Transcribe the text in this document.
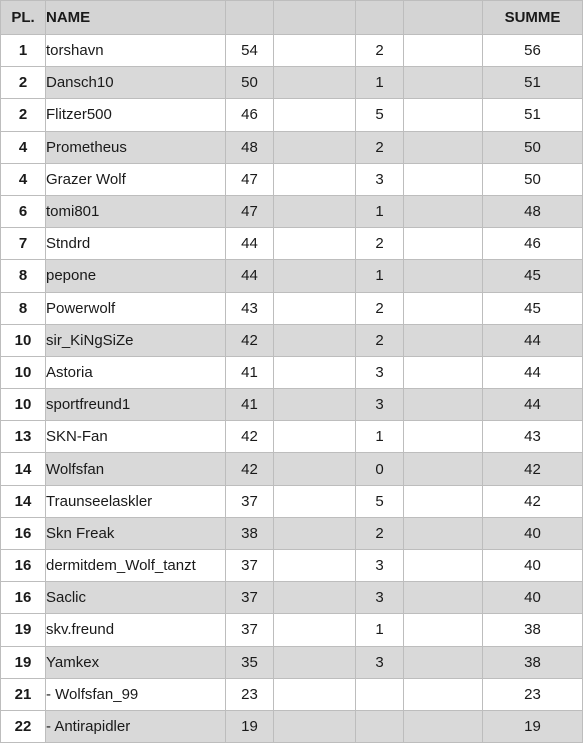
PL.	NAME					SUMME
1	torshavn	54		2		56
2	Dansch10	50		1		51
2	Flitzer500	46		5		51
4	Prometheus	48		2		50
4	Grazer Wolf	47		3		50
6	tomi801	47		1		48
7	Stndrd	44		2		46
8	pepone	44		1		45
8	Powerwolf	43		2		45
10	sir_KiNgSiZe	42		2		44
10	Astoria	41		3		44
10	sportfreund1	41		3		44
13	SKN-Fan	42		1		43
14	Wolfsfan	42		0		42
14	Traunseelaskler	37		5		42
16	Skn Freak	38		2		40
16	dermitdem_Wolf_tanzt	37		3		40
16	Saclic	37		3		40
19	skv.freund	37		1		38
19	Yamkex	35		3		38
21	- Wolfsfan_99	23				23
22	- Antirapidler	19				19
